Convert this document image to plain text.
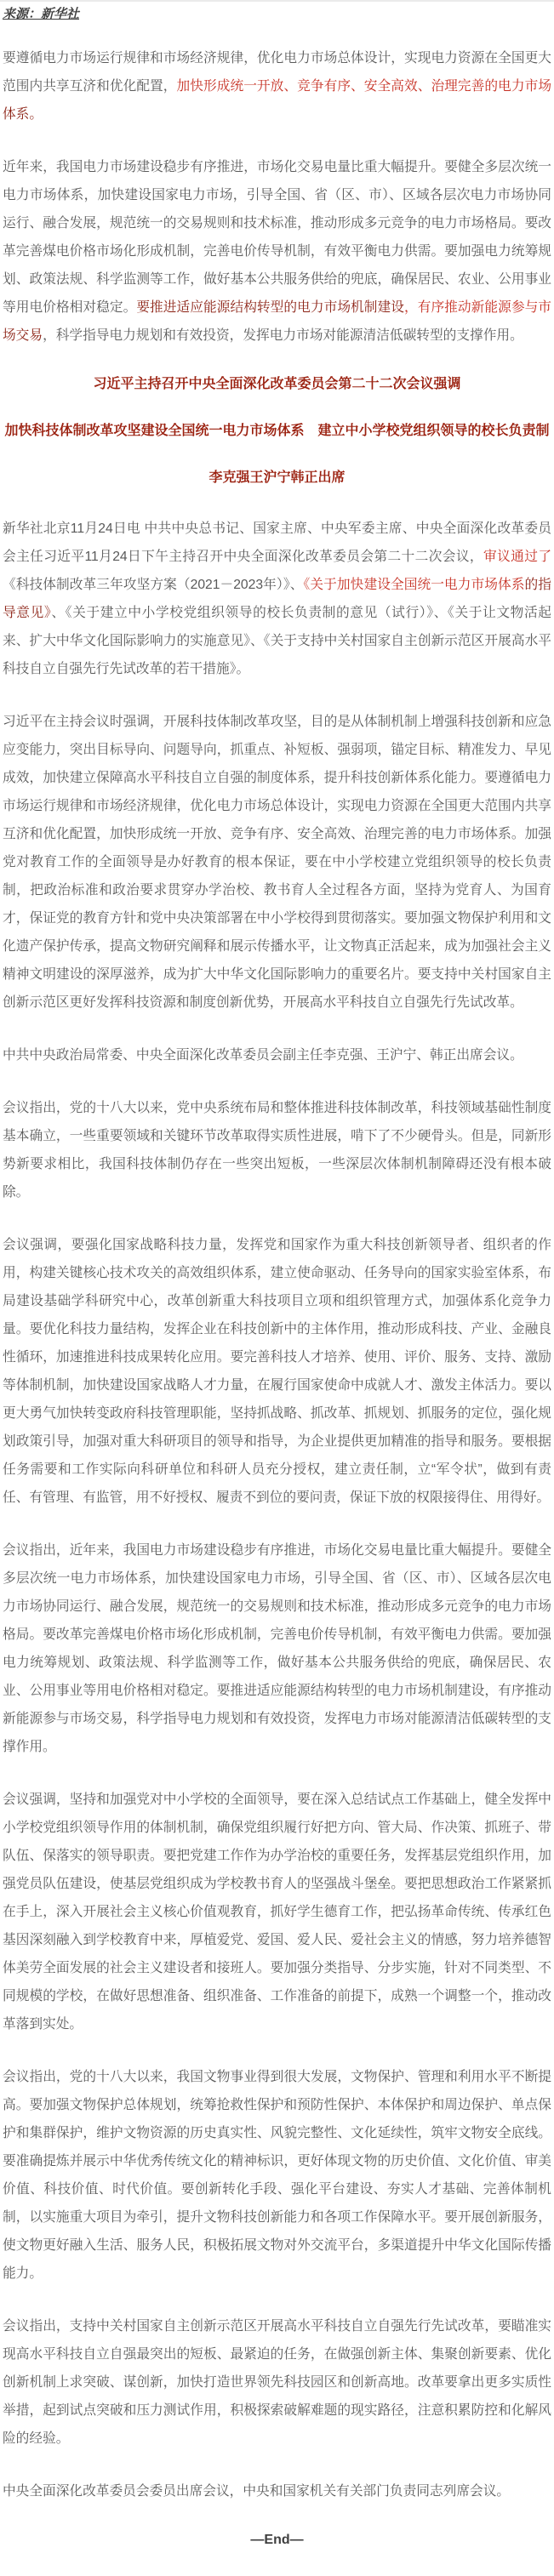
来源：新华社

要遵循电力市场运行规律和市场经济规律，优化电力市场总体设计，实现电力资源在全国更大范围内共享互济和优化配置，加快形成统一开放、竞争有序、安全高效、治理完善的电力市场体系。

近年来，我国电力市场建设稳步有序推进，市场化交易电量比重大幅提升。要健全多层次统一电力市场体系，加快建设国家电力市场，引导全国、省（区、市）、区域各层次电力市场协同运行、融合发展，规范统一的交易规则和技术标准，推动形成多元竞争的电力市场格局。要改革完善煤电价格市场化形成机制，完善电价传导机制，有效平衡电力供需。要加强电力统筹规划、政策法规、科学监测等工作，做好基本公共服务供给的兜底，确保居民、农业、公用事业等用电价格相对稳定。要推进适应能源结构转型的电力市场机制建设，有序推动新能源参与市场交易，科学指导电力规划和有效投资，发挥电力市场对能源清洁低碳转型的支撑作用。

习近平主持召开中央全面深化改革委员会第二十二次会议强调

加快科技体制改革攻坚建设全国统一电力市场体系　建立中小学校党组织领导的校长负责制

李克强王沪宁韩正出席

新华社北京11月24日电 中共中央总书记、国家主席、中央军委主席、中央全面深化改革委员会主任习近平11月24日下午主持召开中央全面深化改革委员会第二十二次会议，审议通过了《科技体制改革三年攻坚方案（2021－2023年）》、《关于加快建设全国统一电力市场体系的指导意见》、《关于建立中小学校党组织领导的校长负责制的意见（试行）》、《关于让文物活起来、扩大中华文化国际影响力的实施意见》、《关于支持中关村国家自主创新示范区开展高水平科技自立自强先行先试改革的若干措施》。

习近平在主持会议时强调，开展科技体制改革攻坚，目的是从体制机制上增强科技创新和应急应变能力，突出目标导向、问题导向，抓重点、补短板、强弱项，锚定目标、精准发力、早见成效，加快建立保障高水平科技自立自强的制度体系，提升科技创新体系化能力。要遵循电力市场运行规律和市场经济规律，优化电力市场总体设计，实现电力资源在全国更大范围内共享互济和优化配置，加快形成统一开放、竞争有序、安全高效、治理完善的电力市场体系。加强党对教育工作的全面领导是办好教育的根本保证，要在中小学校建立党组织领导的校长负责制，把政治标准和政治要求贯穿办学治校、教书育人全过程各方面，坚持为党育人、为国育才，保证党的教育方针和党中央决策部署在中小学校得到贯彻落实。要加强文物保护利用和文化遗产保护传承，提高文物研究阐释和展示传播水平，让文物真正活起来，成为加强社会主义精神文明建设的深厚滋养，成为扩大中华文化国际影响力的重要名片。要支持中关村国家自主创新示范区更好发挥科技资源和制度创新优势，开展高水平科技自立自强先行先试改革。

中共中央政治局常委、中央全面深化改革委员会副主任李克强、王沪宁、韩正出席会议。

会议指出，党的十八大以来，党中央系统布局和整体推进科技体制改革，科技领域基础性制度基本确立，一些重要领域和关键环节改革取得实质性进展，啃下了不少硬骨头。但是，同新形势新要求相比，我国科技体制仍存在一些突出短板，一些深层次体制机制障碍还没有根本破除。

会议强调，要强化国家战略科技力量，发挥党和国家作为重大科技创新领导者、组织者的作用，构建关键核心技术攻关的高效组织体系，建立使命驱动、任务导向的国家实验室体系，布局建设基础学科研究中心，改革创新重大科技项目立项和组织管理方式，加强体系化竞争力量。要优化科技力量结构，发挥企业在科技创新中的主体作用，推动形成科技、产业、金融良性循环，加速推进科技成果转化应用。要完善科技人才培养、使用、评价、服务、支持、激励等体制机制，加快建设国家战略人才力量，在履行国家使命中成就人才、激发主体活力。要以更大勇气加快转变政府科技管理职能，坚持抓战略、抓改革、抓规划、抓服务的定位，强化规划政策引导，加强对重大科研项目的领导和指导，为企业提供更加精准的指导和服务。要根据任务需要和工作实际向科研单位和科研人员充分授权，建立责任制，立“军令状”，做到有责任、有管理、有监管，用不好授权、履责不到位的要问责，保证下放的权限接得住、用得好。

会议指出，近年来，我国电力市场建设稳步有序推进，市场化交易电量比重大幅提升。要健全多层次统一电力市场体系，加快建设国家电力市场，引导全国、省（区、市）、区域各层次电力市场协同运行、融合发展，规范统一的交易规则和技术标准，推动形成多元竞争的电力市场格局。要改革完善煤电价格市场化形成机制，完善电价传导机制，有效平衡电力供需。要加强电力统筹规划、政策法规、科学监测等工作，做好基本公共服务供给的兜底，确保居民、农业、公用事业等用电价格相对稳定。要推进适应能源结构转型的电力市场机制建设，有序推动新能源参与市场交易，科学指导电力规划和有效投资，发挥电力市场对能源清洁低碳转型的支撑作用。

会议强调，坚持和加强党对中小学校的全面领导，要在深入总结试点工作基础上，健全发挥中小学校党组织领导作用的体制机制，确保党组织履行好把方向、管大局、作决策、抓班子、带队伍、保落实的领导职责。要把党建工作作为办学治校的重要任务，发挥基层党组织作用，加强党员队伍建设，使基层党组织成为学校教书育人的坚强战斗堡垒。要把思想政治工作紧紧抓在手上，深入开展社会主义核心价值观教育，抓好学生德育工作，把弘扬革命传统、传承红色基因深刻融入到学校教育中来，厚植爱党、爱国、爱人民、爱社会主义的情感，努力培养德智体美劳全面发展的社会主义建设者和接班人。要加强分类指导、分步实施，针对不同类型、不同规模的学校，在做好思想准备、组织准备、工作准备的前提下，成熟一个调整一个，推动改革落到实处。

会议指出，党的十八大以来，我国文物事业得到很大发展，文物保护、管理和利用水平不断提高。要加强文物保护总体规划，统筹抢救性保护和预防性保护、本体保护和周边保护、单点保护和集群保护，维护文物资源的历史真实性、风貌完整性、文化延续性，筑牢文物安全底线。要准确提炼并展示中华优秀传统文化的精神标识，更好体现文物的历史价值、文化价值、审美价值、科技价值、时代价值。要创新转化手段、强化平台建设、夯实人才基础、完善体制机制，以实施重大项目为牵引，提升文物科技创新能力和各项工作保障水平。要开展创新服务，使文物更好融入生活、服务人民，积极拓展文物对外交流平台，多渠道提升中华文化国际传播能力。

会议指出，支持中关村国家自主创新示范区开展高水平科技自立自强先行先试改革，要瞄准实现高水平科技自立自强最突出的短板、最紧迫的任务，在做强创新主体、集聚创新要素、优化创新机制上求突破、谋创新，加快打造世界领先科技园区和创新高地。改革要拿出更多实质性举措，起到试点突破和压力测试作用，积极探索破解难题的现实路径，注意积累防控和化解风险的经验。

中央全面深化改革委员会委员出席会议，中央和国家机关有关部门负责同志列席会议。

—End—
